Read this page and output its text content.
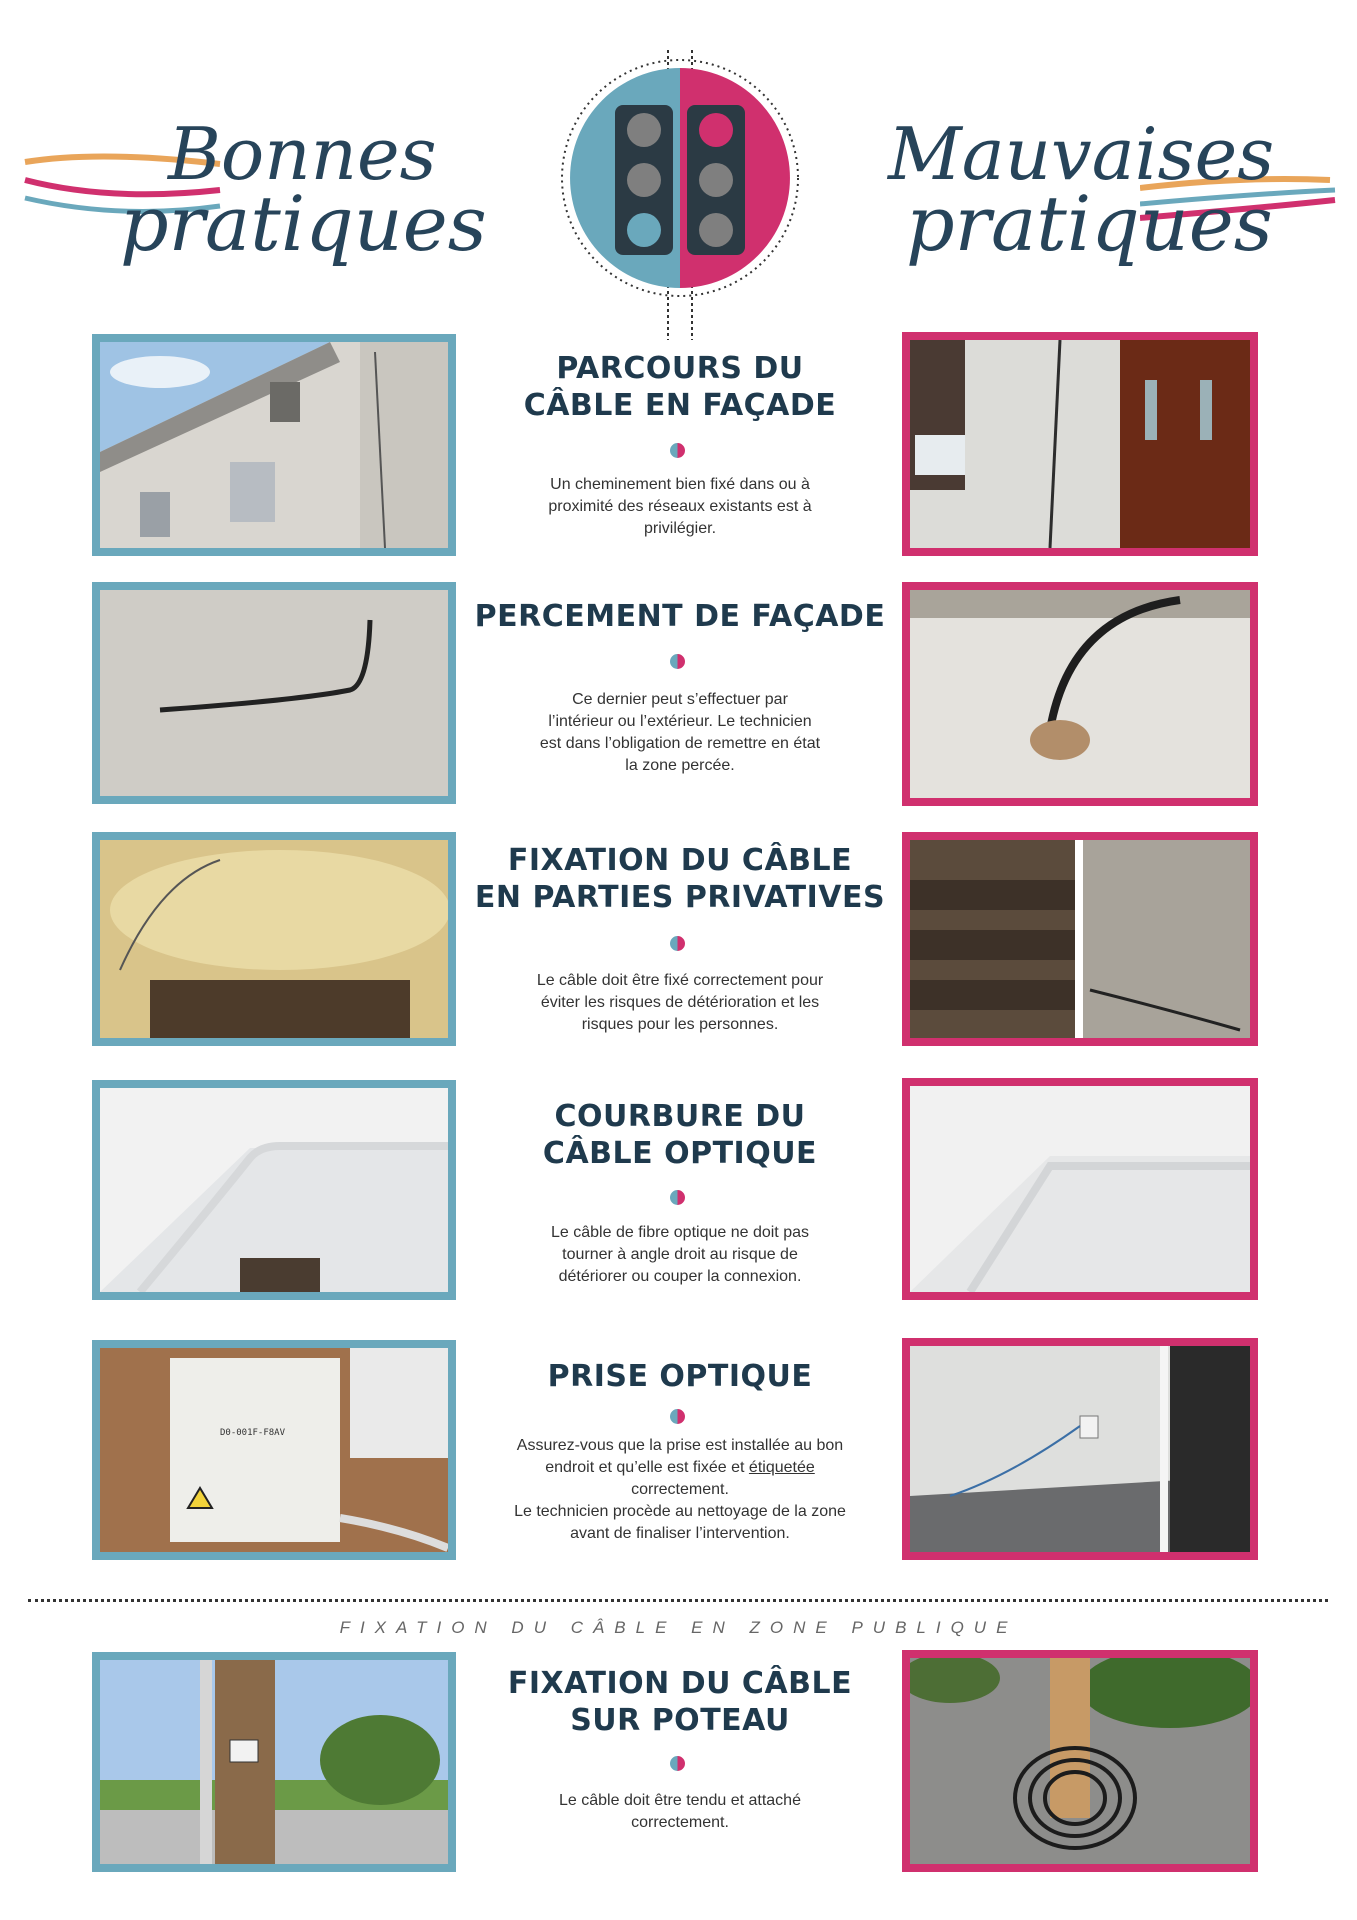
Bonnes
pratiques
Mauvaises
pratiques
PARCOURS DU
CÂBLE EN FAÇADE
Un cheminement bien fixé dans ou à
proximité des réseaux existants est à
privilégier.
PERCEMENT DE FAÇADE
Ce dernier peut s’effectuer par
l’intérieur ou l’extérieur. Le technicien
est dans l’obligation de remettre en état
la zone percée.
FIXATION DU CÂBLE
EN PARTIES PRIVATIVES
Le câble doit être fixé correctement pour
éviter les risques de détérioration et les
risques pour les personnes.
COURBURE DU
CÂBLE OPTIQUE
Le câble de fibre optique ne doit pas
tourner à angle droit au risque de
détériorer ou couper la connexion.
D0-001F-F8AV
PRISE OPTIQUE
Assurez-vous que la prise est installée au bon
endroit et qu’elle est fixée et étiquetée
correctement.
Le technicien procède au nettoyage de la zone
avant de finaliser l’intervention.
FIXATION DU CÂBLE EN ZONE PUBLIQUE
FIXATION DU CÂBLE
SUR POTEAU
Le câble doit être tendu et attaché
correctement.
